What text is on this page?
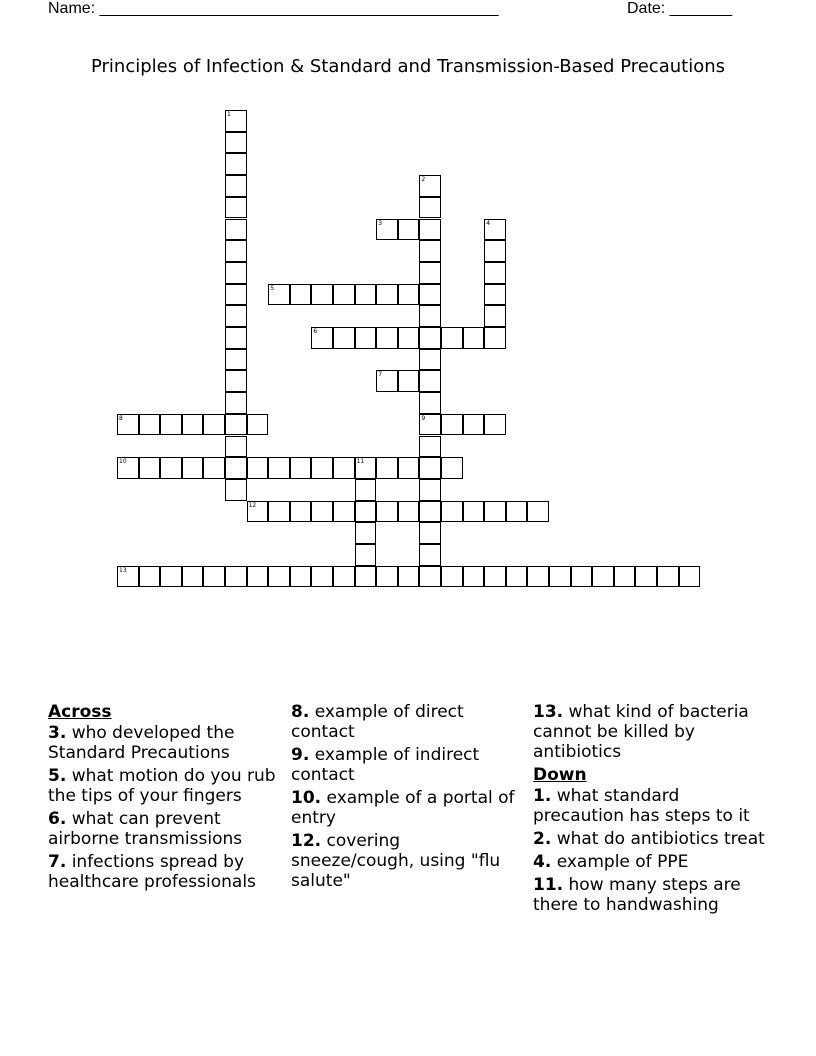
Name: ________________________________________________	Date: _______
Principles of Infection & Standard and Transmission-Based Precautions
1
2
9
3	4
5
6
7
8
10	11
12
13
Across
3. who developed the Standard Precautions
5. what motion do you rub the tips of your fingers
6. what can prevent airborne transmissions
7. infections spread by healthcare professionals
8. example of direct contact
9. example of indirect contact
10. example of a portal of entry
12. covering sneeze/cough, using "flu salute"
13. what kind of bacteria cannot be killed by antibiotics
Down
1. what standard precaution has steps to it
2. what do antibiotics treat
4. example of PPE
11. how many steps are there to handwashing
